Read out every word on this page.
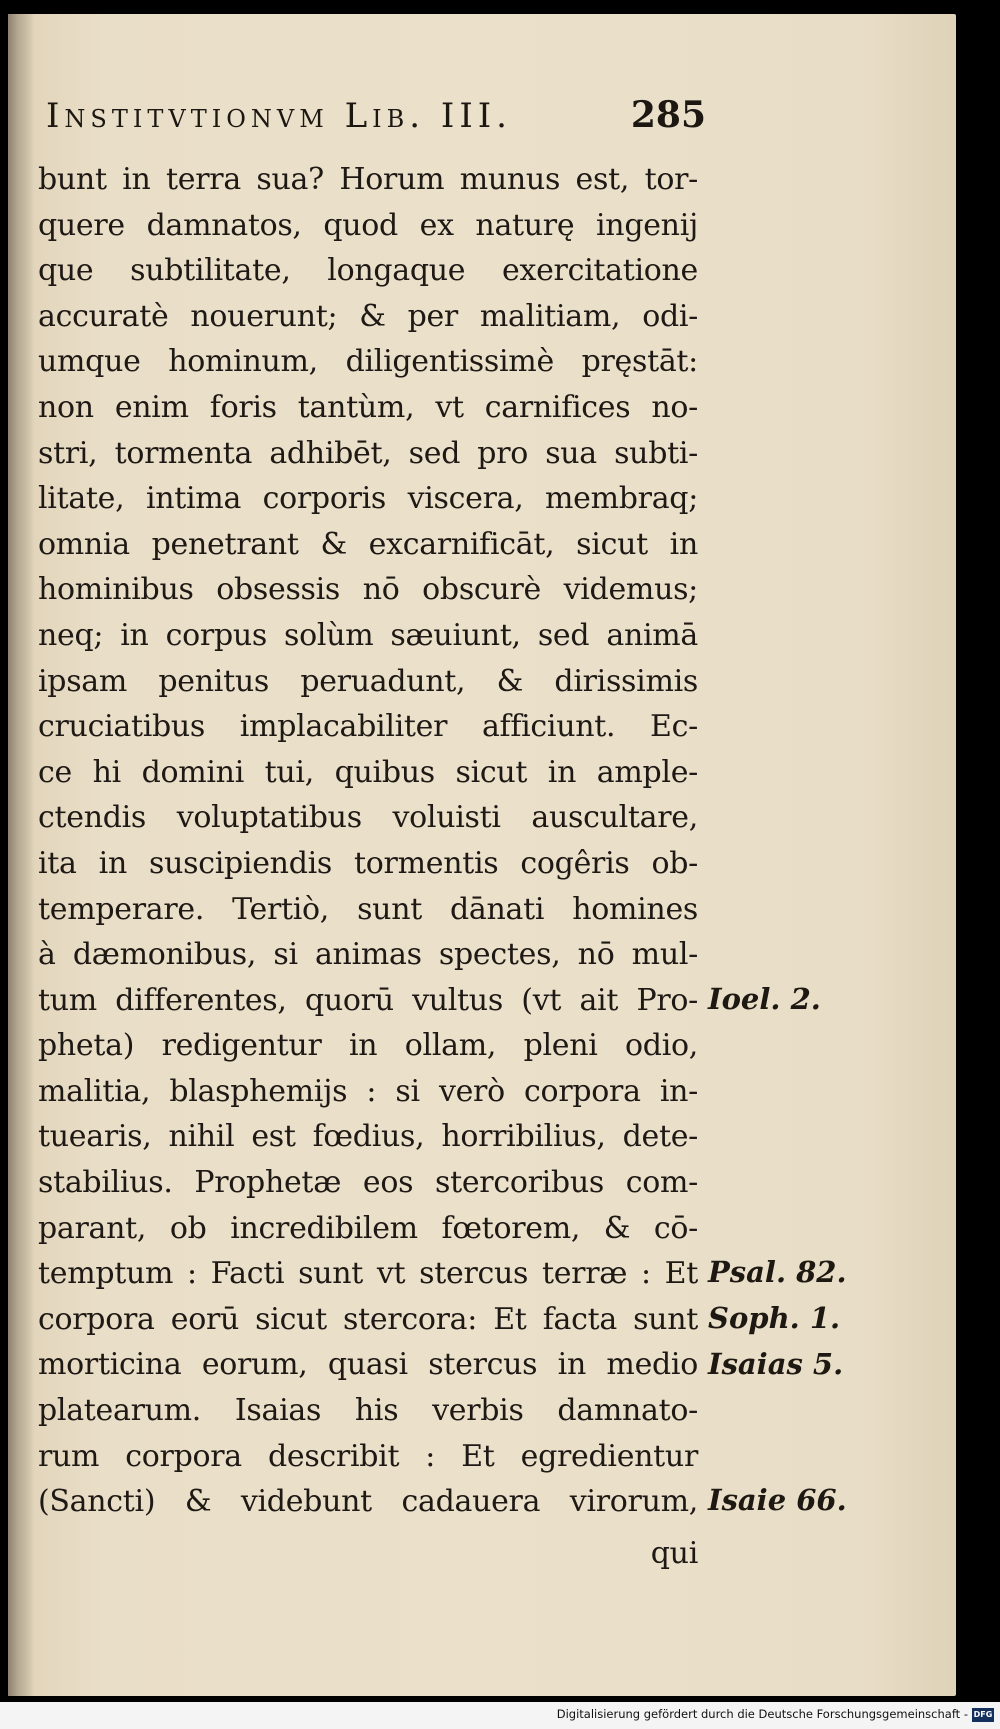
Institvtionvm Lib. III.	285
bunt in terra sua? Horum munus est, tor-
quere damnatos, quod ex naturę ingenij
que subtilitate, longaque exercitatione
accuratè nouerunt; & per malitiam, odi-
umque hominum, diligentissimè pręstāt:
non enim foris tantùm, vt carnifices no-
stri, tormenta adhibēt, sed pro sua subti-
litate, intima corporis viscera, membraq;
omnia penetrant & excarnificāt, sicut in
hominibus obsessis nō obscurè videmus;
neq; in corpus solùm sæuiunt, sed animā
ipsam penitus peruadunt, & dirissimis
cruciatibus implacabiliter afficiunt. Ec-
ce hi domini tui, quibus sicut in ample-
ctendis voluptatibus voluisti auscultare,
ita in suscipiendis tormentis cogêris ob-
temperare. Tertiò, sunt dānati homines
à dæmonibus, si animas spectes, nō mul-
tum differentes, quorū vultus (vt ait Pro-
pheta) redigentur in ollam, pleni odio,
malitia, blasphemijs : si verò corpora in-
tuearis, nihil est fœdius, horribilius, dete-
stabilius. Prophetæ eos stercoribus com-
parant, ob incredibilem fœtorem, & cō-
temptum : Facti sunt vt stercus terræ : Et
corpora eorū sicut stercora: Et facta sunt
morticina eorum, quasi stercus in medio
platearum. Isaias his verbis damnato-
rum corpora describit : Et egredientur
(Sancti) & videbunt cadauera virorum,
qui
Ioel. 2.
Psal. 82.
Soph. 1.
Isaias 5.
Isaie 66.
Digitalisierung gefördert durch die Deutsche Forschungsgemeinschaft - DFG
